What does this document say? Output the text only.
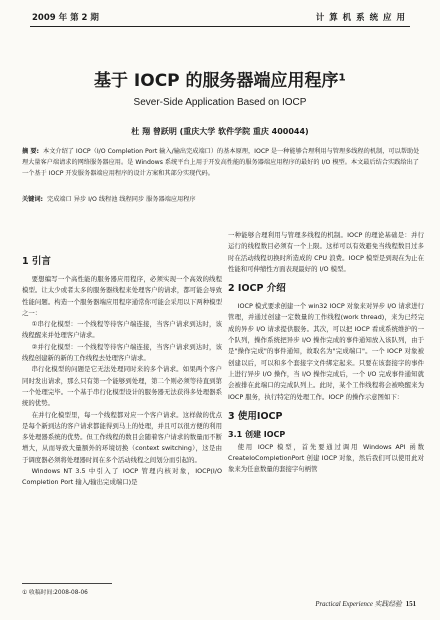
2009 年 第 2 期	计 算 机 系 统 应 用
基于 IOCP 的服务器端应用程序¹
Sever-Side Application Based on IOCP
杜 翔 曾跃明 (重庆大学 软件学院 重庆 400044)
摘 要: 本文介绍了 IOCP（I/O Completion Port 输入/输出完成端口）的基本原理，IOCP 是一种能够合理利用与管理多线程的机制，可以帮助处理大量客户端请求的网络服务器应用。是 Windows 系统平台上用于开发高性能的服务器端应用程序的最好的 I/O 模型。本文最后结合实践给出了一个基于 IOCP 开发服务器端应用程序的设计方案和其部分实现代码。
关键词: 完成端口 异步 I/O 线程池 线程同步 服务器端应用程序
1 引言

要想编写一个高性能的服务器应用程序，必须实现一个高效的线程模型。让太少或者太多的服务器线程来处理客户的请求，都可能会导致性能问题。构造一个服务器端应用程序通常你可能会采用以下两种模型之一：

①串行化模型：一个线程等待客户端连接，当客户请求到达时，该线程醒来并处理客户请求。

②并行化模型：一个线程等待客户端连接，当客户请求到达时，该线程创建新的新的工作线程去处理客户请求。

串行化模型的问题是它无法处理同时来的多个请求。如果两个客户同时发出请求，那么只有第一个能够到处理，第二个则必须等待直到第一个处理完毕。一个基于串行化模型设计的服务器无法获得多处理器系统的优势。

在并行化模型里，每一个线程都对应一个客户请求。这样做的优点是每个新到达的客户请求都能得到马上的处理，并且可以很方便的利用多处理器系统的优势。但工作线程的数目会随着客户请求的数量而不断增大，从而导致大量额外的环境切换（context switching），这是由于调度器必须将处理器时间在多个活动线程之间划分而引起的。

Windows NT 3.5 中引入了 IOCP 管理内核对象，IOCP(I/O Completion Port 输入/输出完成端口)是

一种能够合理利用与管理多线程的机制。IOCP 的理论基础是：并行运行的线程数目必须有一个上限。这样可以有效避免当线程数目过多时在活动线程切换时所造成的 CPU 浪费。IOCP 模型是到现在为止在性能和可伸缩性方面表现最好的 I/O 模型。

2 IOCP 介绍

IOCP 模式要求创建一个 win32 IOCP 对象来对异步 I/O 请求进行管理，并通过创建一定数量的工作线程(work thread)，来为已经完成的异步 I/O 请求提供服务。其次，可以把 IOCP 看成系统维护的一个队列，操作系统把异步 I/O 操作完成的事件通知放入该队列，由于是"操作完成"的事件通知，故取名为"完成端口"。一个 IOCP 对象被创建以后，可以和多个套接字文件绑定起来。只要在该套接字的事件上进行异步 I/O 操作，当 I/O 操作完成后，一个 I/O 完成事件通知就会被排在此端口的完成队列上。此时，某个工作线程将会被唤醒来为 IOCP 服务，执行特定的处理工作。IOCP 的操作示意图如下：

3 使用IOCP
3.1 创建 IOCP

使用 IOCP 模型，首先要通过调用 Windows API 函数 CreateIoCompletionPort 创建 IOCP 对象，然后我们可以使用此对象来为任意数量的套接字句柄管

① 收稿时间:2008-08-06
Practical Experience 实践经验 151
